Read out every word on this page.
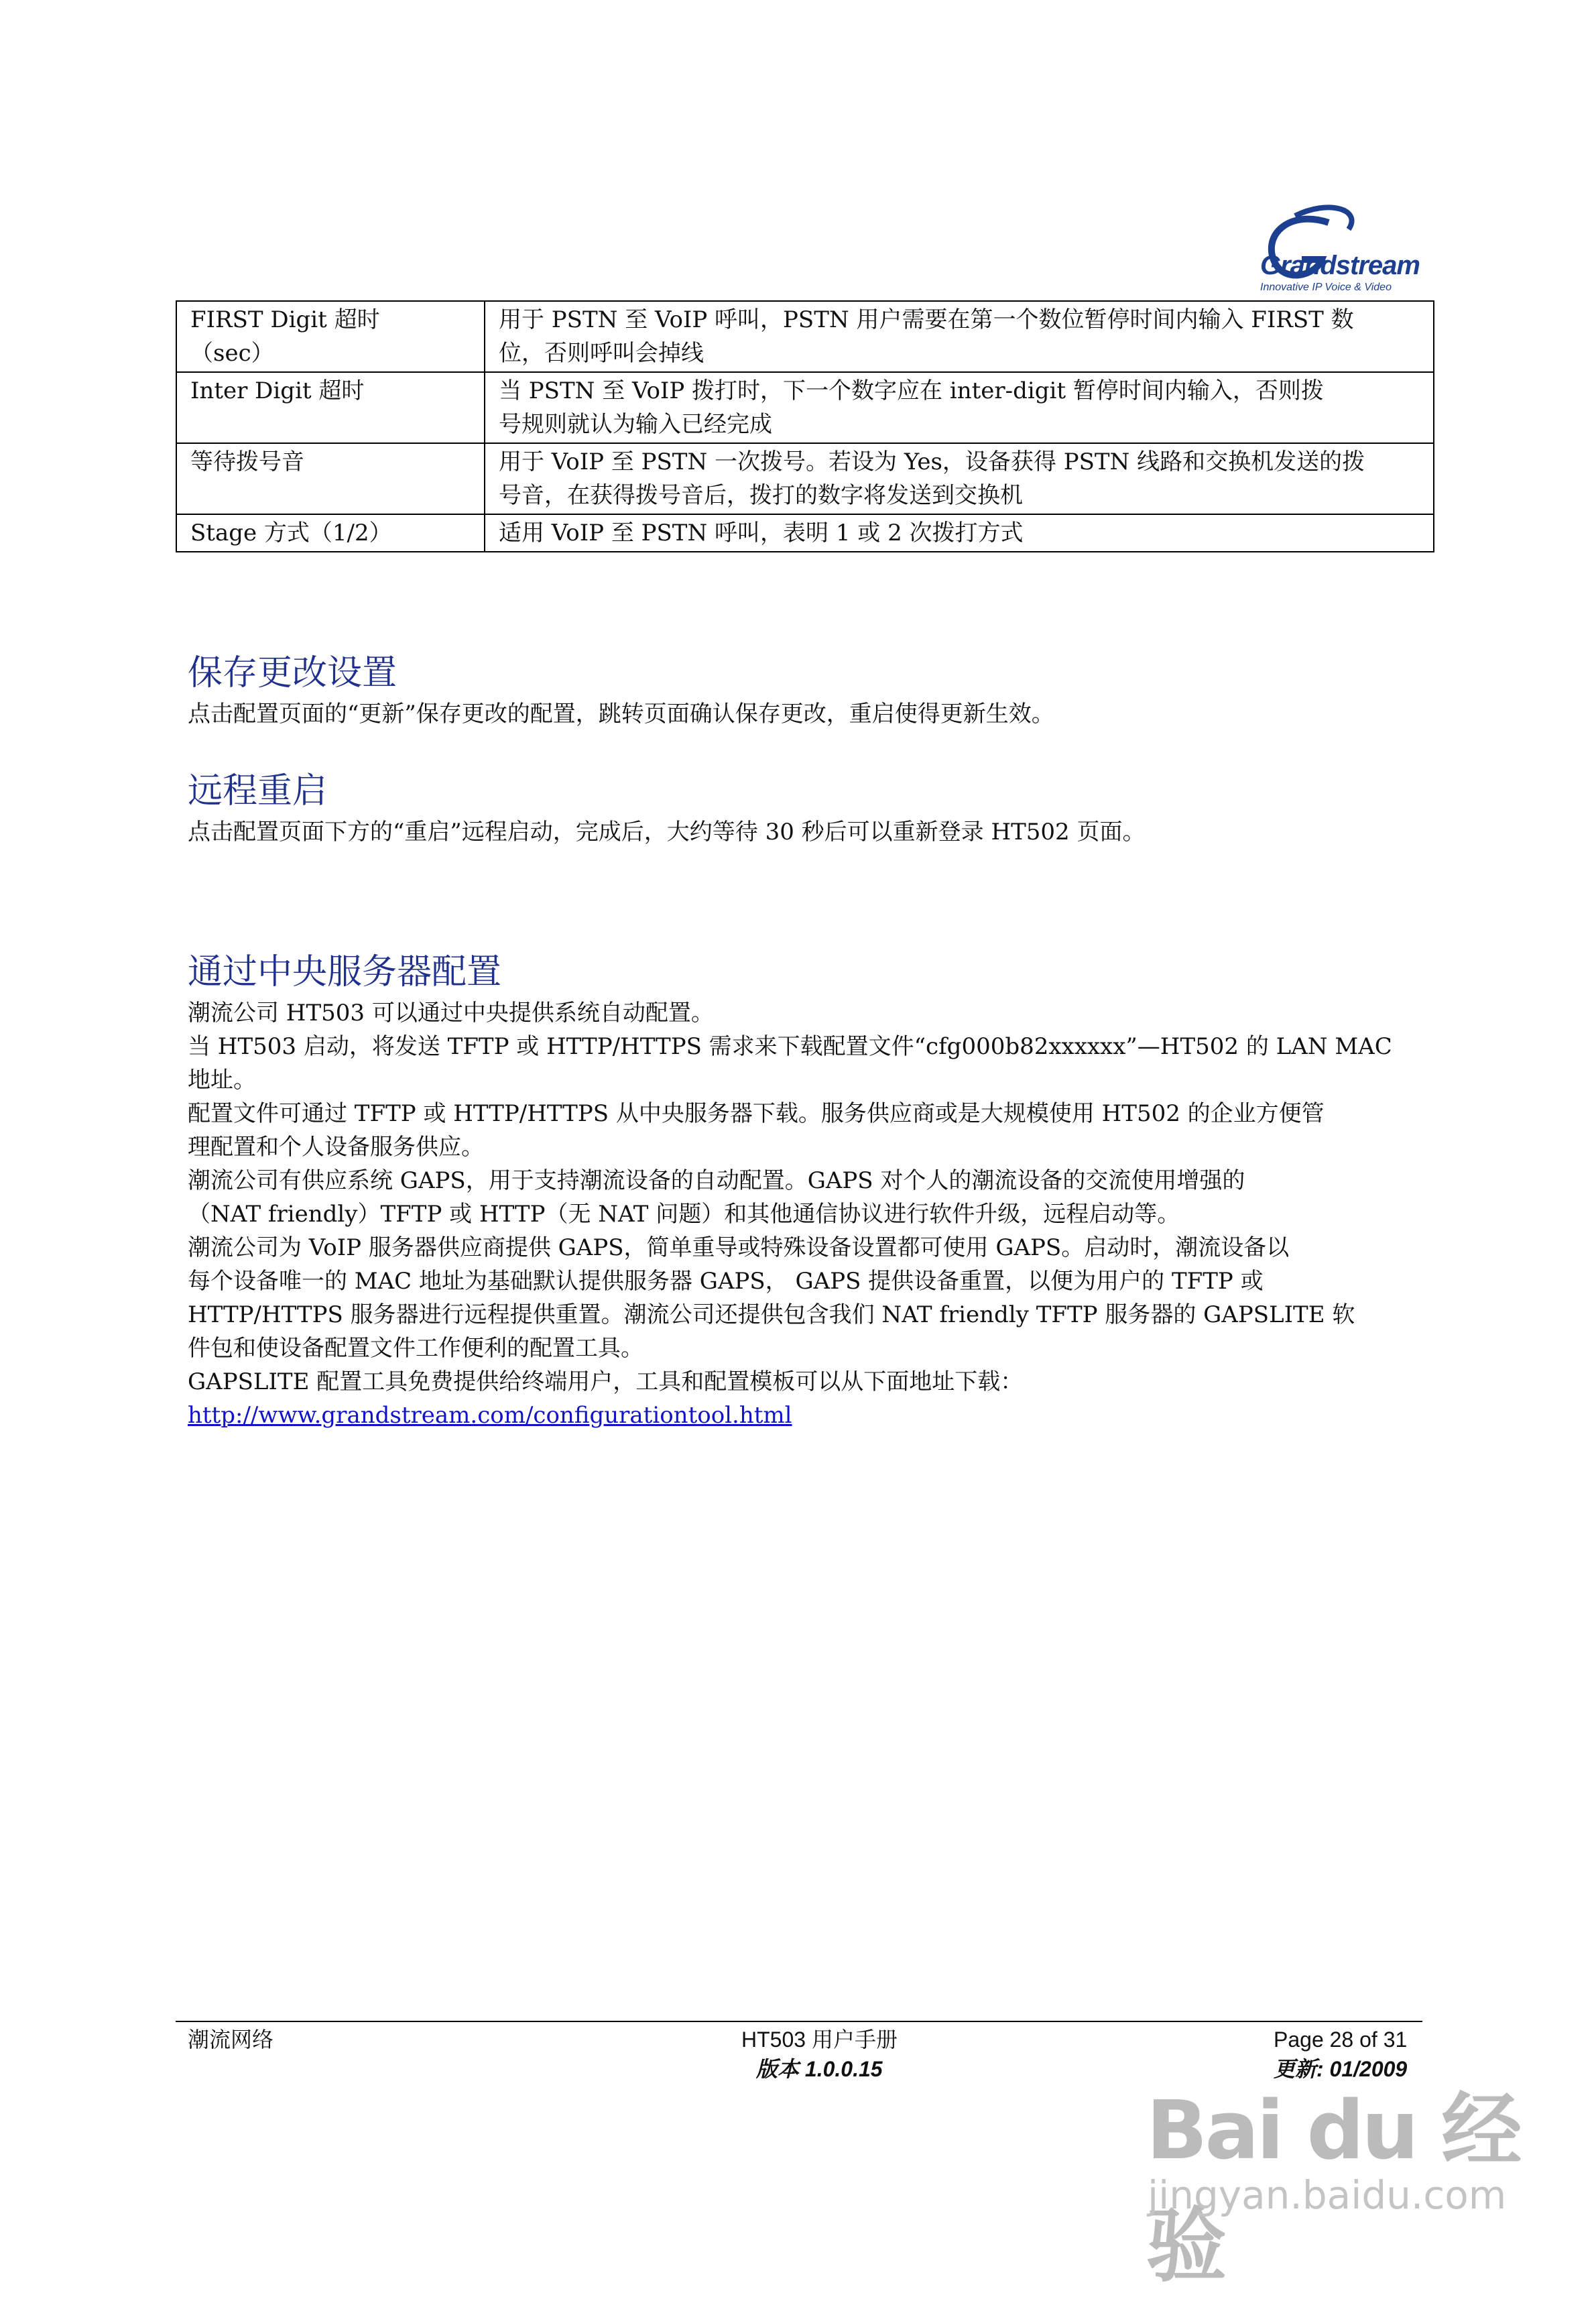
Grandstream
Innovative IP Voice & Video
FIRST Digit 超时
（sec）	用于 PSTN 至 VoIP 呼叫，PSTN 用户需要在第一个数位暂停时间内输入 FIRST 数
位，否则呼叫会掉线
Inter Digit 超时	当 PSTN 至 VoIP 拨打时，下一个数字应在 inter-digit 暂停时间内输入，否则拨
号规则就认为输入已经完成
等待拨号音	用于 VoIP 至 PSTN 一次拨号。若设为 Yes，设备获得 PSTN 线路和交换机发送的拨
号音，在获得拨号音后，拨打的数字将发送到交换机
Stage 方式（1/2）	适用 VoIP 至 PSTN 呼叫，表明 1 或 2 次拨打方式
保存更改设置

点击配置页面的“更新”保存更改的配置，跳转页面确认保存更改，重启使得更新生效。

远程重启

点击配置页面下方的“重启”远程启动，完成后，大约等待 30 秒后可以重新登录 HT502 页面。

通过中央服务器配置

潮流公司 HT503 可以通过中央提供系统自动配置。
当 HT503 启动，将发送 TFTP 或 HTTP/HTTPS 需求来下载配置文件“cfg000b82xxxxxx”—HT502 的 LAN MAC
地址。
配置文件可通过 TFTP 或 HTTP/HTTPS 从中央服务器下载。服务供应商或是大规模使用 HT502 的企业方便管
理配置和个人设备服务供应。
潮流公司有供应系统 GAPS，用于支持潮流设备的自动配置。GAPS 对个人的潮流设备的交流使用增强的
（NAT friendly）TFTP 或 HTTP（无 NAT 问题）和其他通信协议进行软件升级，远程启动等。
潮流公司为 VoIP 服务器供应商提供 GAPS，简单重导或特殊设备设置都可使用 GAPS。启动时，潮流设备以
每个设备唯一的 MAC 地址为基础默认提供服务器 GAPS， GAPS 提供设备重置，以便为用户的 TFTP 或
HTTP/HTTPS 服务器进行远程提供重置。潮流公司还提供包含我们 NAT friendly TFTP 服务器的 GAPSLITE 软
件包和使设备配置文件工作便利的配置工具。
GAPSLITE 配置工具免费提供给终端用户，工具和配置模板可以从下面地址下载：

http://www.grandstream.com/configurationtool.html
潮流网络	HT503 用户手册
版本 1.0.0.15
Page 28 of 31
更新: 01/2009
Bai du 经验
jingyan.baidu.com
